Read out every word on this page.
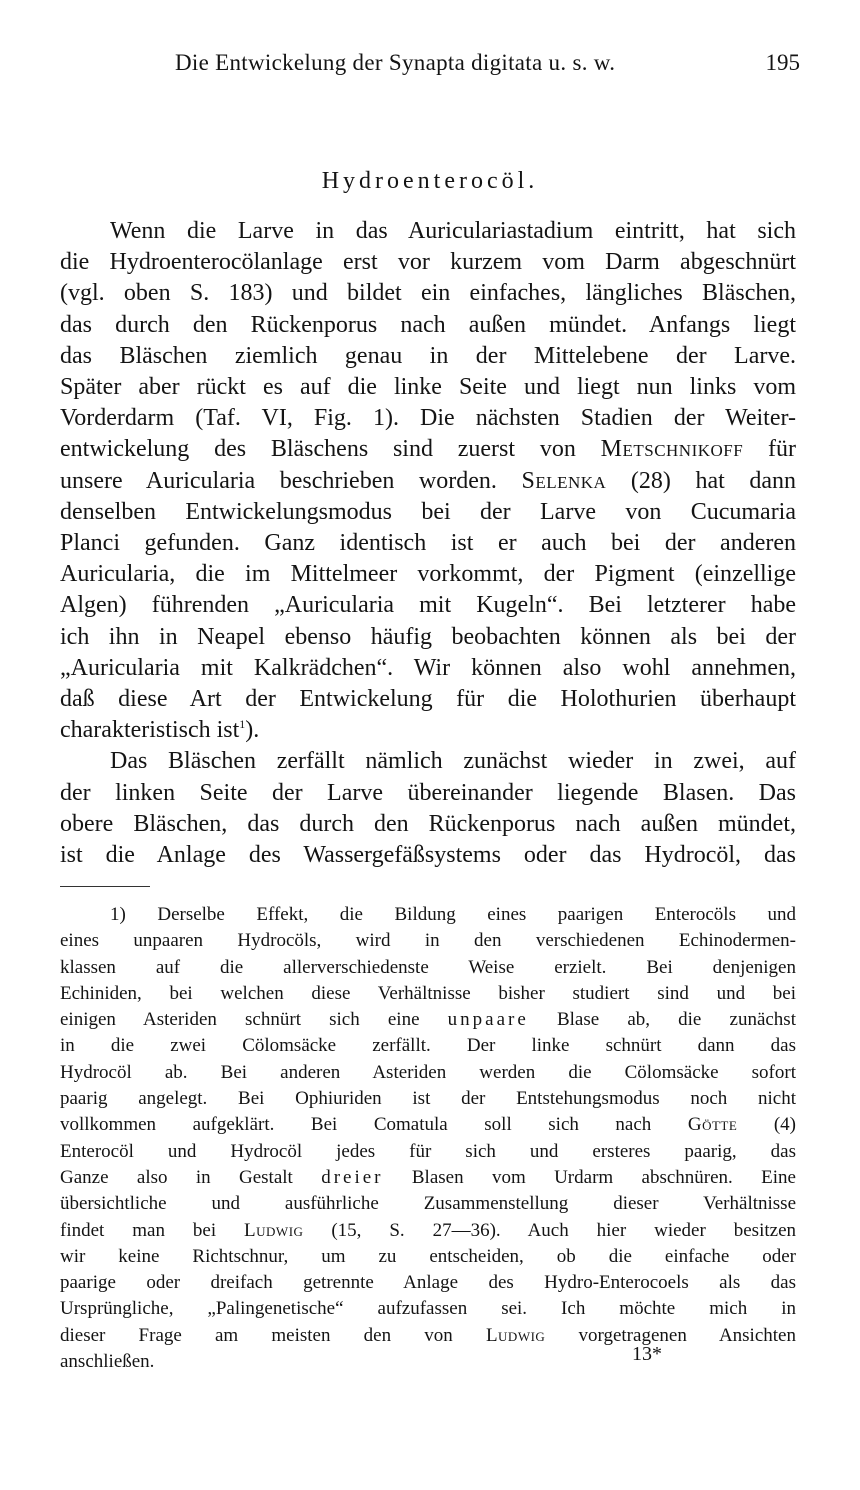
Die Entwickelung der Synapta digitata u. s. w.	195
Hydroenterocöl.
Wenn die Larve in das Auriculariastadium eintritt, hat sich
die Hydroenterocölanlage erst vor kurzem vom Darm abgeschnürt
(vgl. oben S. 183) und bildet ein einfaches, längliches Bläschen,
das durch den Rückenporus nach außen mündet. Anfangs liegt
das Bläschen ziemlich genau in der Mittelebene der Larve.
Später aber rückt es auf die linke Seite und liegt nun links vom
Vorderdarm (Taf. VI, Fig. 1). Die nächsten Stadien der Weiter-
entwickelung des Bläschens sind zuerst von Metschnikoff für
unsere Auricularia beschrieben worden. Selenka (28) hat dann
denselben Entwickelungsmodus bei der Larve von Cucumaria
Planci gefunden. Ganz identisch ist er auch bei der anderen
Auricularia, die im Mittelmeer vorkommt, der Pigment (einzellige
Algen) führenden „Auricularia mit Kugeln“. Bei letzterer habe
ich ihn in Neapel ebenso häufig beobachten können als bei der
„Auricularia mit Kalkrädchen“. Wir können also wohl annehmen,
daß diese Art der Entwickelung für die Holothurien überhaupt
charakteristisch ist$^1$).
Das Bläschen zerfällt nämlich zunächst wieder in zwei, auf
der linken Seite der Larve übereinander liegende Blasen. Das
obere Bläschen, das durch den Rückenporus nach außen mündet,
ist die Anlage des Wassergefäßsystems oder das Hydrocöl, das
1) Derselbe Effekt, die Bildung eines paarigen Enterocöls und
eines unpaaren Hydrocöls, wird in den verschiedenen Echinodermen-
klassen auf die allerverschiedenste Weise erzielt. Bei denjenigen
Echiniden, bei welchen diese Verhältnisse bisher studiert sind und bei
einigen Asteriden schnürt sich eine unpaare Blase ab, die zunächst
in die zwei Cölomsäcke zerfällt. Der linke schnürt dann das
Hydrocöl ab. Bei anderen Asteriden werden die Cölomsäcke sofort
paarig angelegt. Bei Ophiuriden ist der Entstehungsmodus noch nicht
vollkommen aufgeklärt. Bei Comatula soll sich nach Götte (4)
Enterocöl und Hydrocöl jedes für sich und ersteres paarig, das
Ganze also in Gestalt dreier Blasen vom Urdarm abschnüren. Eine
übersichtliche und ausführliche Zusammenstellung dieser Verhältnisse
findet man bei Ludwig (15, S. 27—36). Auch hier wieder besitzen
wir keine Richtschnur, um zu entscheiden, ob die einfache oder
paarige oder dreifach getrennte Anlage des Hydro-Enterocoels als das
Ursprüngliche, „Palingenetische“ aufzufassen sei. Ich möchte mich in
dieser Frage am meisten den von Ludwig vorgetragenen Ansichten
anschließen.	13*
